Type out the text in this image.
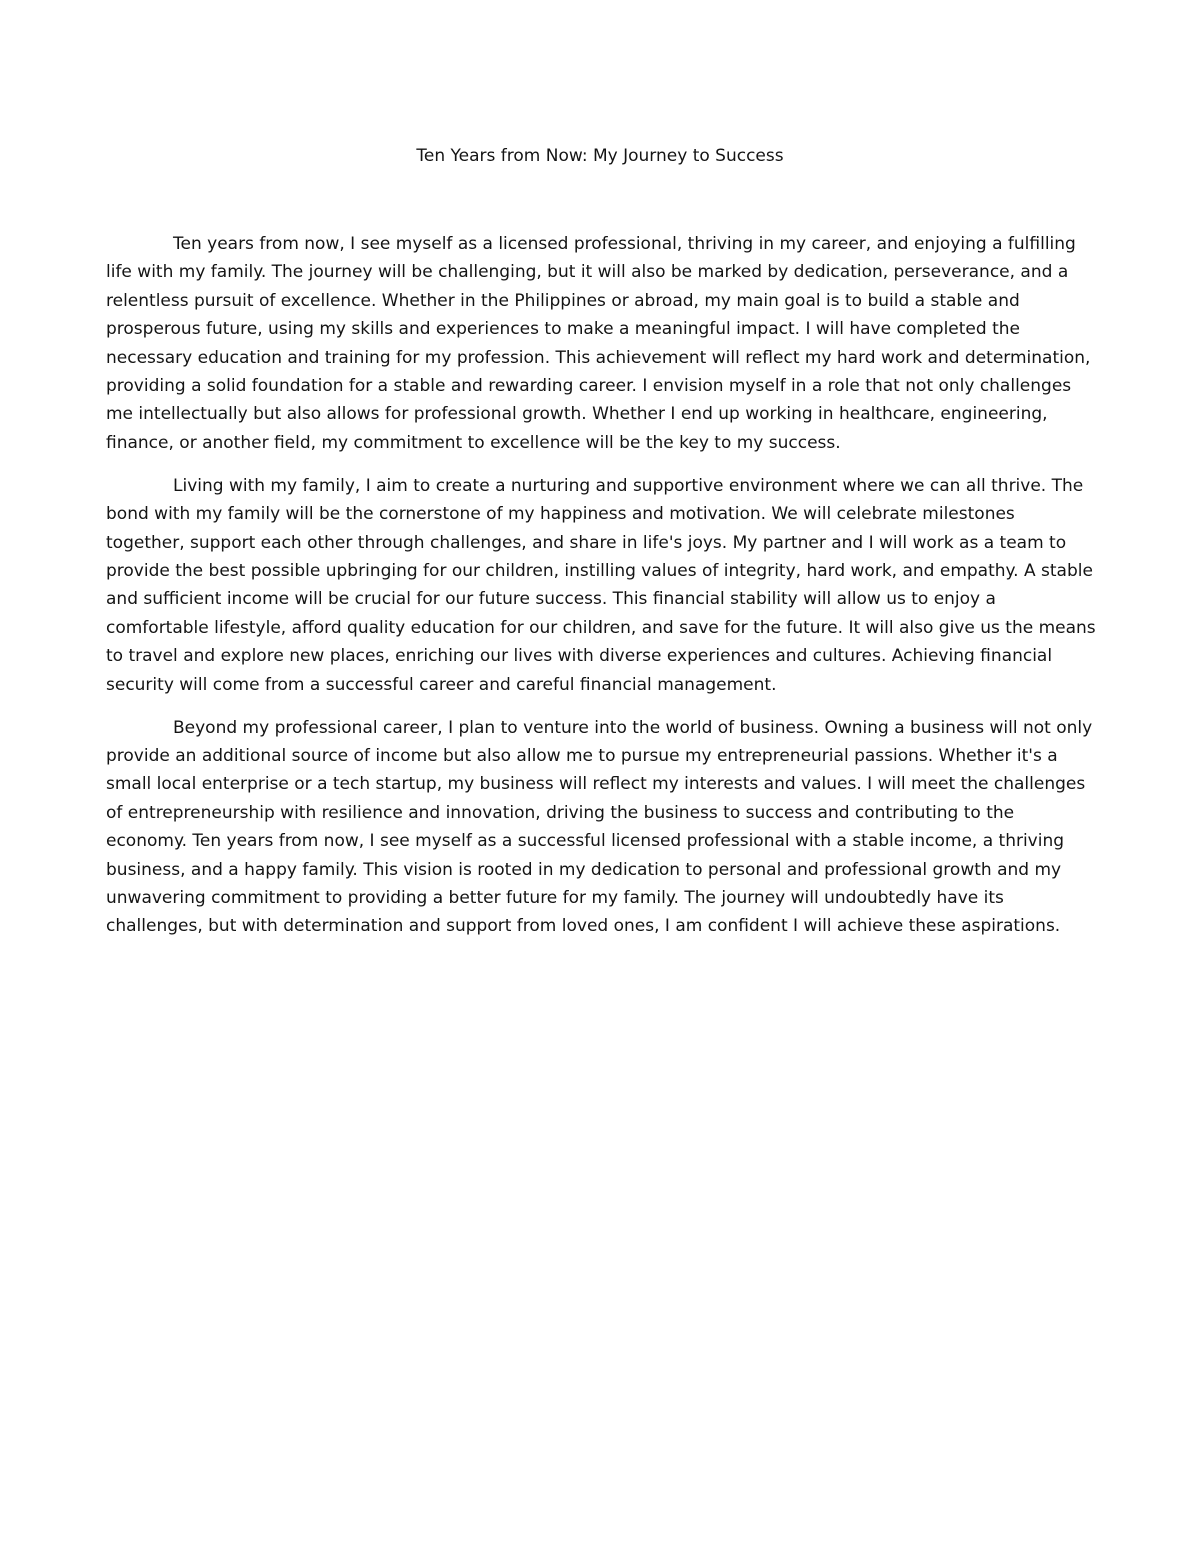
Ten Years from Now: My Journey to Success

Ten years from now, I see myself as a licensed professional, thriving in my career, and enjoying a fulfilling life with my family. The journey will be challenging, but it will also be marked by dedication, perseverance, and a relentless pursuit of excellence. Whether in the Philippines or abroad, my main goal is to build a stable and prosperous future, using my skills and experiences to make a meaningful impact. I will have completed the necessary education and training for my profession. This achievement will reflect my hard work and determination, providing a solid foundation for a stable and rewarding career. I envision myself in a role that not only challenges me intellectually but also allows for professional growth. Whether I end up working in healthcare, engineering, finance, or another field, my commitment to excellence will be the key to my success.

Living with my family, I aim to create a nurturing and supportive environment where we can all thrive. The bond with my family will be the cornerstone of my happiness and motivation. We will celebrate milestones together, support each other through challenges, and share in life's joys. My partner and I will work as a team to provide the best possible upbringing for our children, instilling values of integrity, hard work, and empathy. A stable and sufficient income will be crucial for our future success. This financial stability will allow us to enjoy a comfortable lifestyle, afford quality education for our children, and save for the future. It will also give us the means to travel and explore new places, enriching our lives with diverse experiences and cultures. Achieving financial security will come from a successful career and careful financial management.

Beyond my professional career, I plan to venture into the world of business. Owning a business will not only provide an additional source of income but also allow me to pursue my entrepreneurial passions. Whether it's a small local enterprise or a tech startup, my business will reflect my interests and values. I will meet the challenges of entrepreneurship with resilience and innovation, driving the business to success and contributing to the economy. Ten years from now, I see myself as a successful licensed professional with a stable income, a thriving business, and a happy family. This vision is rooted in my dedication to personal and professional growth and my unwavering commitment to providing a better future for my family. The journey will undoubtedly have its challenges, but with determination and support from loved ones, I am confident I will achieve these aspirations.
